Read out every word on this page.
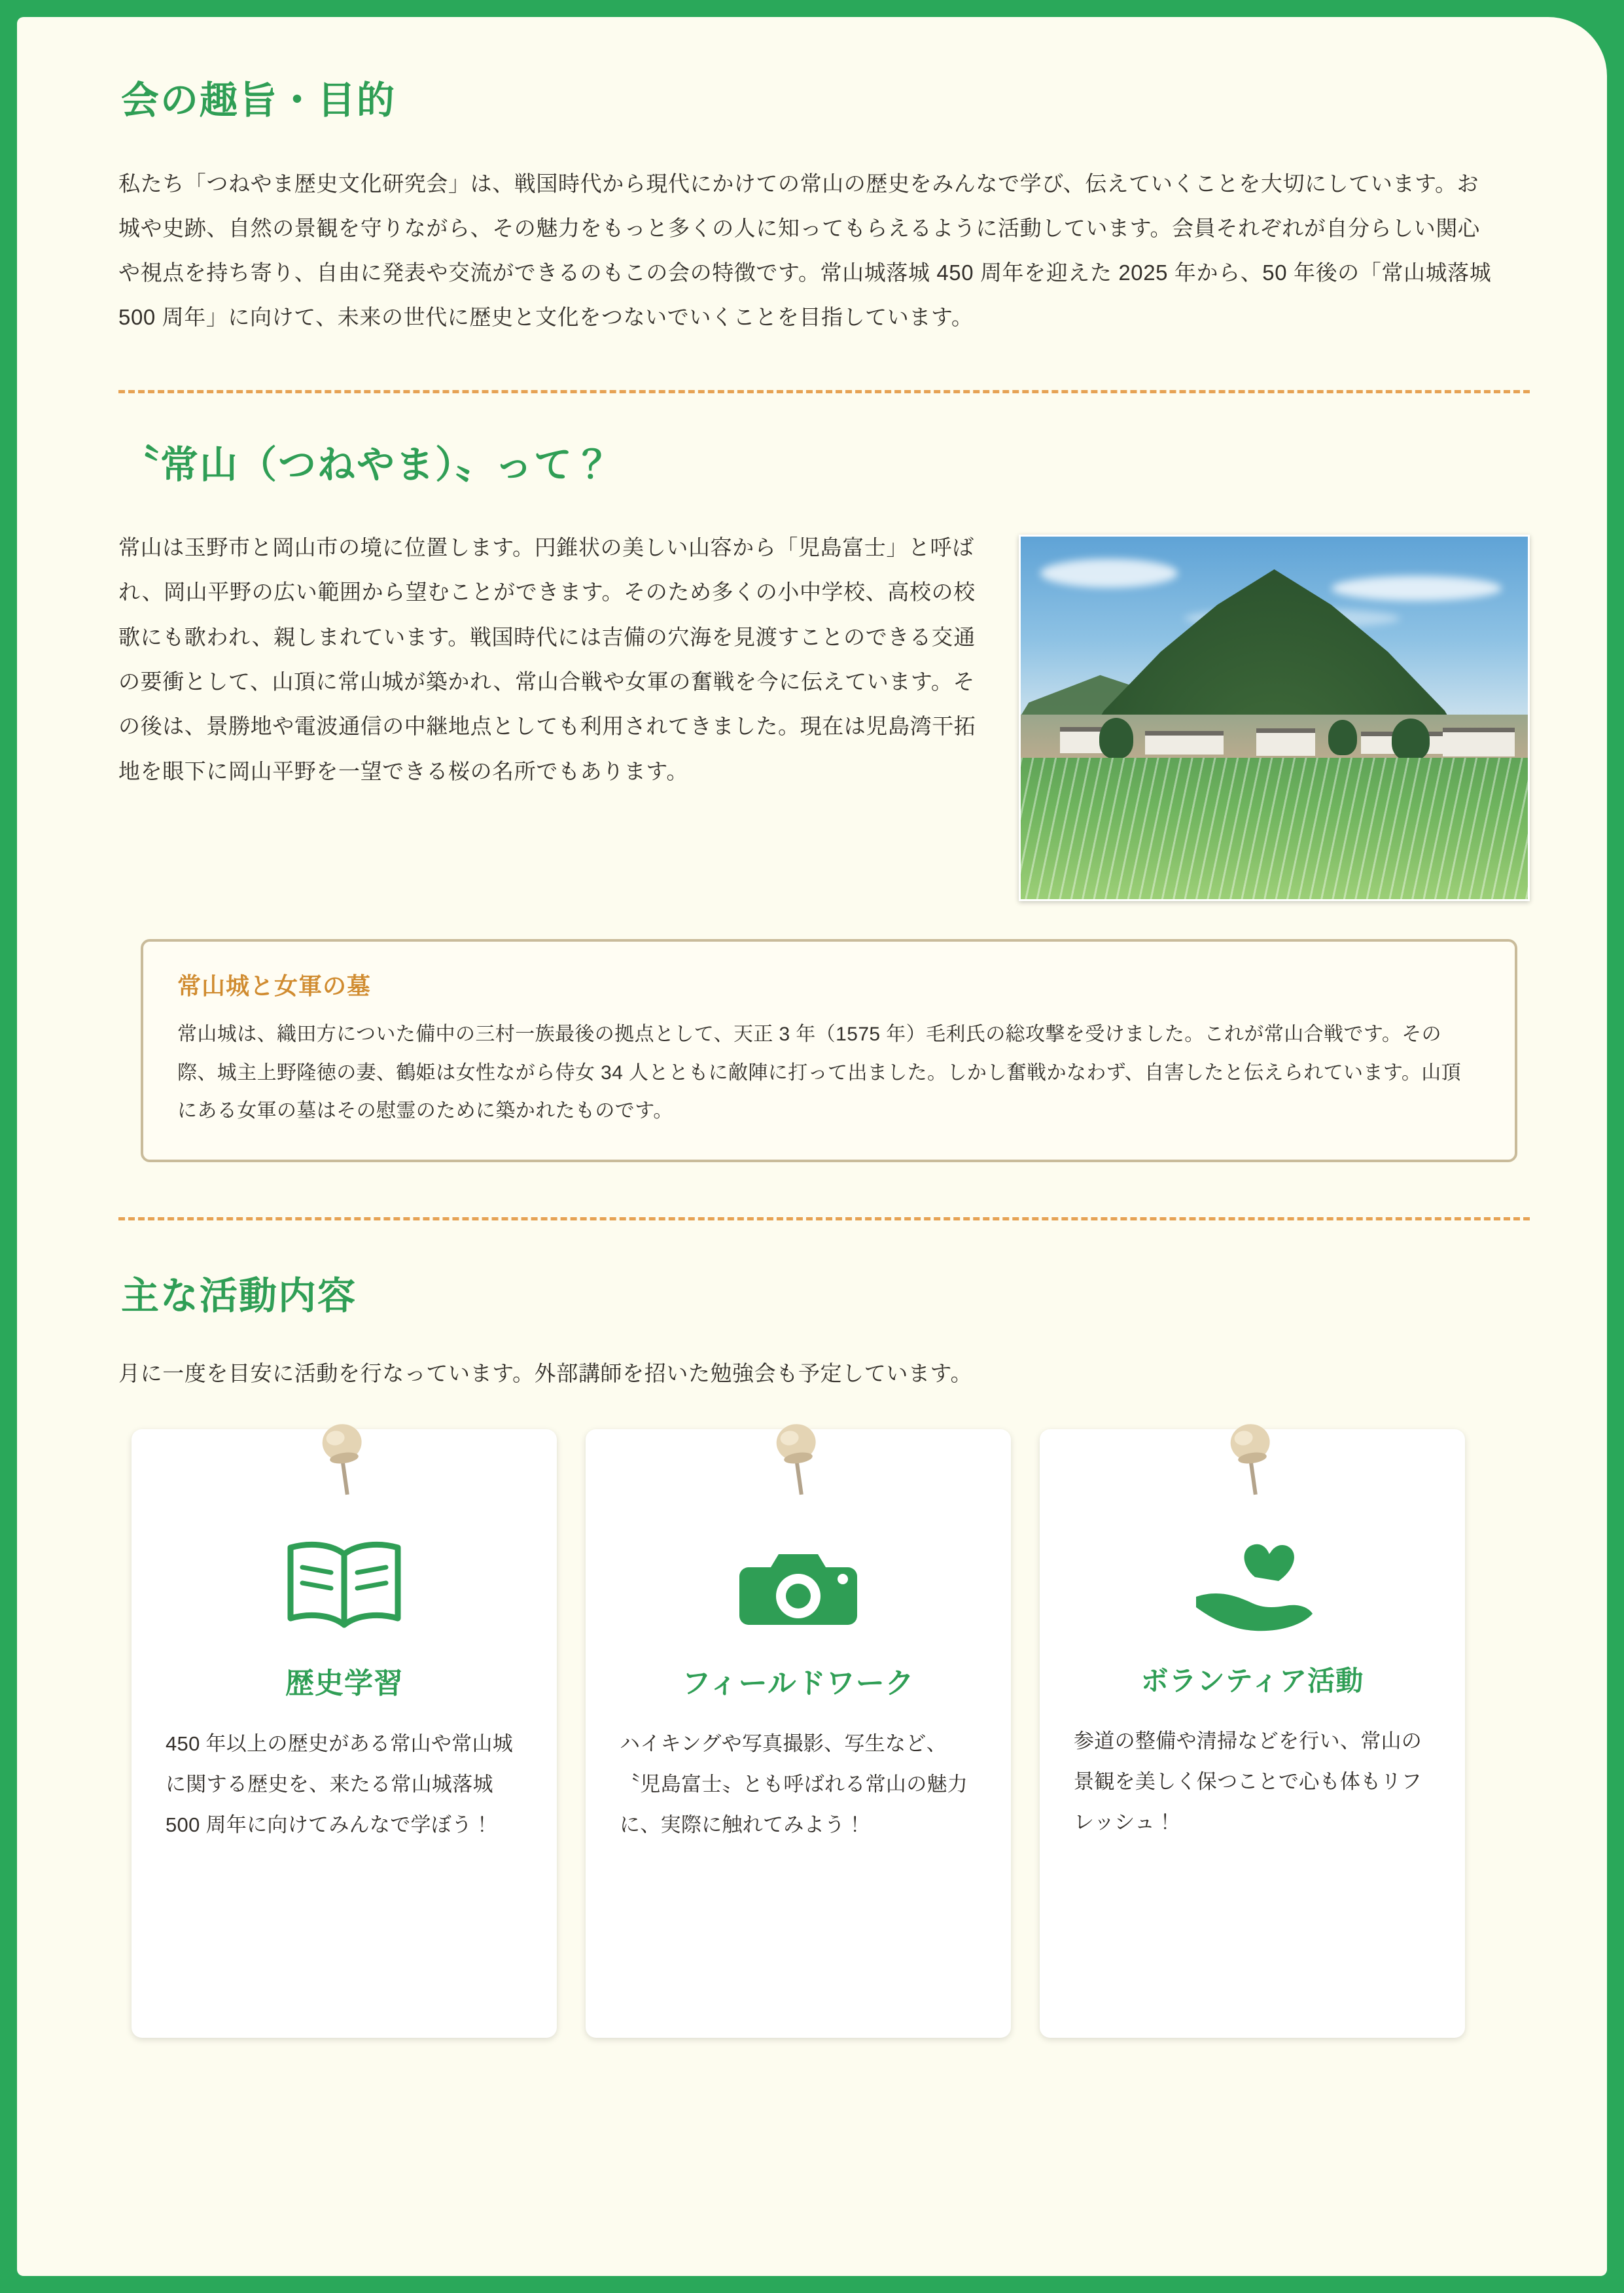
会の趣旨・目的

私たち「つねやま歴史文化研究会」は、戦国時代から現代にかけての常山の歴史をみんなで学び、伝えていくことを大切にしています。お城や史跡、自然の景観を守りながら、その魅力をもっと多くの人に知ってもらえるように活動しています。会員それぞれが自分らしい関心や視点を持ち寄り、自由に発表や交流ができるのもこの会の特徴です。常山城落城 450 周年を迎えた 2025 年から、50 年後の「常山城落城 500 周年」に向けて、未来の世代に歴史と文化をつないでいくことを目指しています。

〝常山（つねやま）〟って？

常山は玉野市と岡山市の境に位置します。円錐状の美しい山容から「児島富士」と呼ばれ、岡山平野の広い範囲から望むことができます。そのため多くの小中学校、高校の校歌にも歌われ、親しまれています。戦国時代には吉備の穴海を見渡すことのできる交通の要衝として、山頂に常山城が築かれ、常山合戦や女軍の奮戦を今に伝えています。その後は、景勝地や電波通信の中継地点としても利用されてきました。現在は児島湾干拓地を眼下に岡山平野を一望できる桜の名所でもあります。

常山城と女軍の墓

常山城は、織田方についた備中の三村一族最後の拠点として、天正 3 年（1575 年）毛利氏の総攻撃を受けました。これが常山合戦です。その際、城主上野隆徳の妻、鶴姫は女性ながら侍女 34 人とともに敵陣に打って出ました。しかし奮戦かなわず、自害したと伝えられています。山頂にある女軍の墓はその慰霊のために築かれたものです。

主な活動内容

月に一度を目安に活動を行なっています。外部講師を招いた勉強会も予定しています。

歴史学習

450 年以上の歴史がある常山や常山城に関する歴史を、来たる常山城落城 500 周年に向けてみんなで学ぼう！

フィールドワーク

ハイキングや写真撮影、写生など、〝児島富士〟とも呼ばれる常山の魅力に、実際に触れてみよう！

ボランティア活動

参道の整備や清掃などを行い、常山の景観を美しく保つことで心も体もリフレッシュ！
